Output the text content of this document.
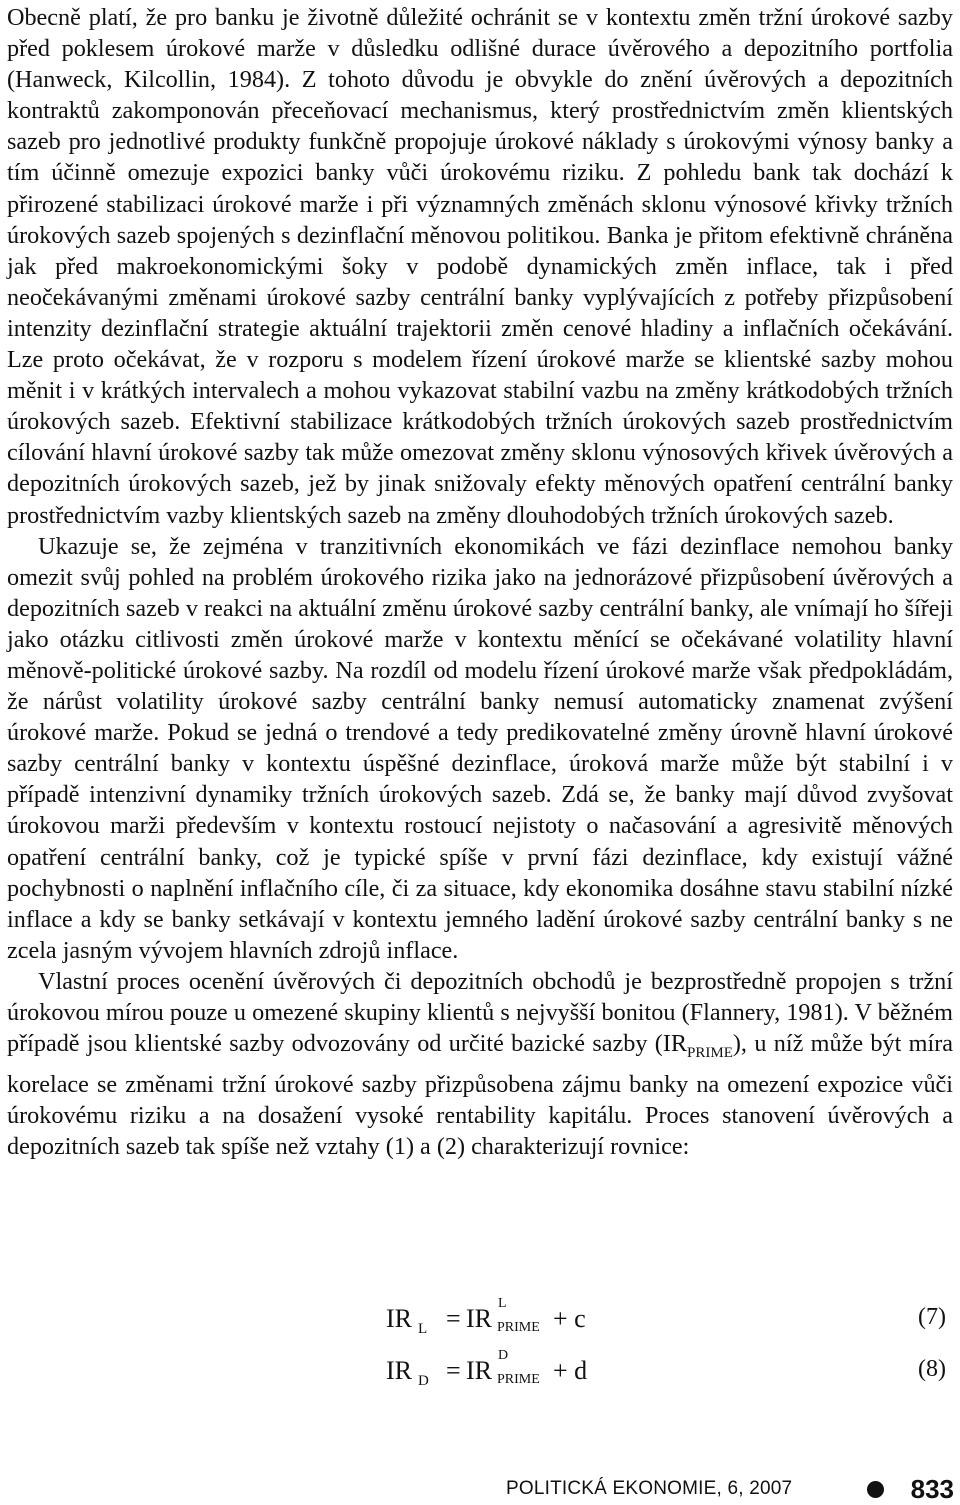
Obecně platí, že pro banku je životně důležité ochránit se v kontextu změn tržní úrokové sazby před poklesem úrokové marže v důsledku odlišné durace úvěrového a depozitního portfolia (Hanweck, Kilcollin, 1984). Z tohoto důvodu je obvykle do znění úvěrových a depozitních kontraktů zakomponován přeceňovací mechanismus, který prostřednictvím změn klientských sazeb pro jednotlivé produkty funkčně propojuje úrokové náklady s úrokovými výnosy banky a tím účinně omezuje expozici banky vůči úrokovému riziku. Z pohledu bank tak dochází k přirozené stabilizaci úrokové marže i při významných změnách sklonu výnosové křivky tržních úrokových sazeb spojených s dezinflační měnovou politikou. Banka je přitom efektivně chráněna jak před makroekonomickými šoky v podobě dynamických změn inflace, tak i před neočekávanými změnami úrokové sazby centrální banky vyplývajících z potřeby přizpůsobení intenzity dezinflační strategie aktuální trajektorii změn cenové hladiny a inflačních očekávání. Lze proto očekávat, že v rozporu s modelem řízení úrokové marže se klientské sazby mohou měnit i v krátkých intervalech a mohou vykazovat stabilní vazbu na změny krátkodobých tržních úrokových sazeb. Efektivní stabilizace krátkodobých tržních úrokových sazeb prostřednictvím cílování hlavní úrokové sazby tak může omezovat změny sklonu výnosových křivek úvěrových a depozitních úrokových sazeb, jež by jinak snižovaly efekty měnových opatření centrální banky prostřednictvím vazby klientských sazeb na změny dlouhodobých tržních úrokových sazeb.

Ukazuje se, že zejména v tranzitivních ekonomikách ve fázi dezinflace nemohou banky omezit svůj pohled na problém úrokového rizika jako na jednorázové přizpůsobení úvěrových a depozitních sazeb v reakci na aktuální změnu úrokové sazby centrální banky, ale vnímají ho šířeji jako otázku citlivosti změn úrokové marže v kontextu měnící se očekávané volatility hlavní měnově-politické úrokové sazby. Na rozdíl od modelu řízení úrokové marže však předpokládám, že nárůst volatility úrokové sazby centrální banky nemusí automaticky znamenat zvýšení úrokové marže. Pokud se jedná o trendové a tedy predikovatelné změny úrovně hlavní úrokové sazby centrální banky v kontextu úspěšné dezinflace, úroková marže může být stabilní i v případě intenzivní dynamiky tržních úrokových sazeb. Zdá se, že banky mají důvod zvyšovat úrokovou marži především v kontextu rostoucí nejistoty o načasování a agresivitě měnových opatření centrální banky, což je typické spíše v první fázi dezinflace, kdy existují vážné pochybnosti o naplnění inflačního cíle, či za situace, kdy ekonomika dosáhne stavu stabilní nízké inflace a kdy se banky setkávají v kontextu jemného ladění úrokové sazby centrální banky s ne zcela jasným vývojem hlavních zdrojů inflace.

Vlastní proces ocenění úvěrových či depozitních obchodů je bezprostředně propojen s tržní úrokovou mírou pouze u omezené skupiny klientů s nejvyšší bonitou (Flannery, 1981). V běžném případě jsou klientské sazby odvozovány od určité bazické sazby $(IR_{PRIME})$, u níž může být míra korelace se změnami tržní úrokové sazby přizpůsobena zájmu banky na omezení expozice vůči úrokovému riziku a na dosažení vysoké rentability kapitálu. Proces stanovení úvěrových a depozitních sazeb tak spíše než vztahy (1) a (2) charakterizují rovnice:

IR $_L$ = IR
L
PRIME + c	(7)
IR $_D$ = IR
D
PRIME + d	(8)
POLITICKÁ EKONOMIE, 6, 2007	833
